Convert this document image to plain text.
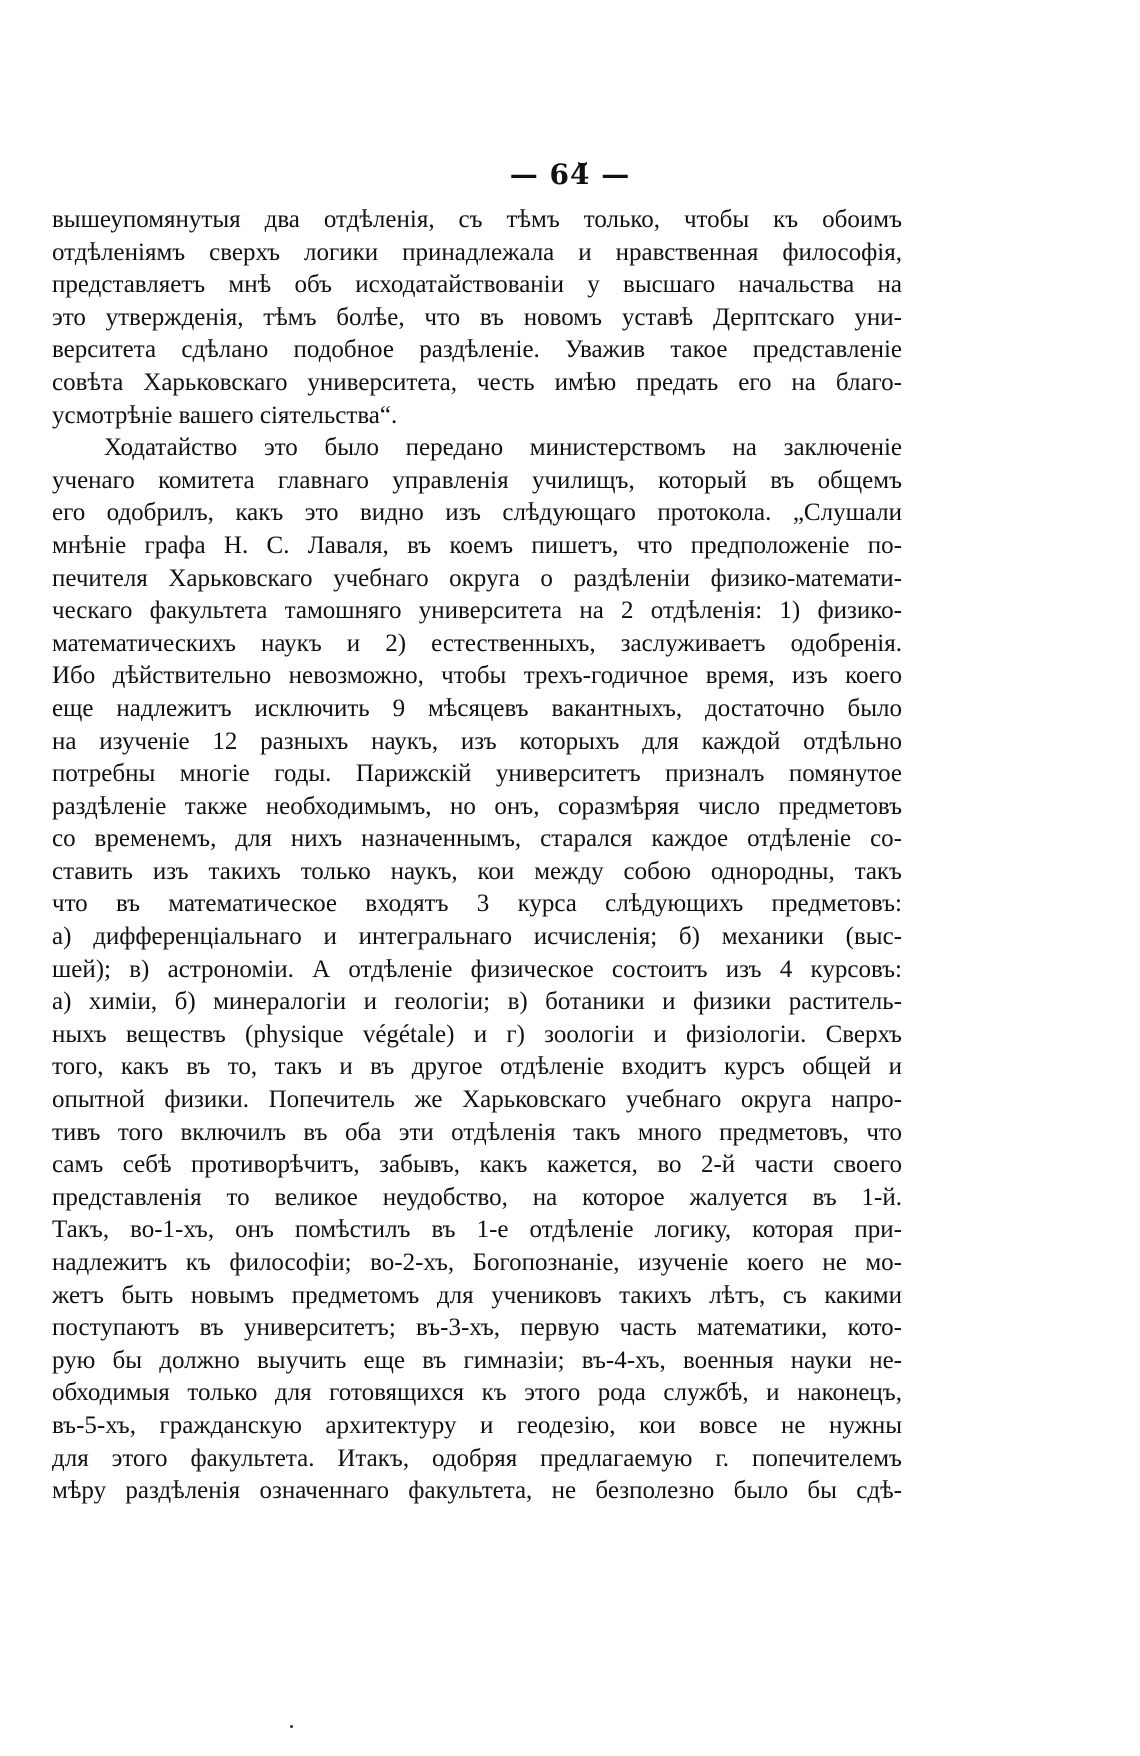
— 64̆ —
вышеупомянутыя два отдѣленія, съ тѣмъ только, чтобы къ обоимъ
отдѣленіямъ сверхъ логики принадлежала и нравственная философія,
представляетъ мнѣ объ исходатайствованіи у высшаго начальства на
это утвержденія, тѣмъ болѣе, что въ новомъ уставѣ Дерптскаго уни-
верситета сдѣлано подобное раздѣленіе. Уважив такое представленіе
совѣта Харьковскаго университета, честь имѣю предать его на благо-
усмотрѣніе вашего сіятельства“.
Ходатайство это было передано министерствомъ на заключеніе
ученаго комитета главнаго управленія училищъ, который въ общемъ
его одобрилъ, какъ это видно изъ слѣдующаго протокола. „Слушали
мнѣніе графа Н. С. Лаваля, въ коемъ пишетъ, что предположеніе по-
печителя Харьковскаго учебнаго округа о раздѣленіи физико-математи-
ческаго факультета тамошняго университета на 2 отдѣленія: 1) физико-
математическихъ наукъ и 2) естественныхъ, заслуживаетъ одобренія.
Ибо дѣйствительно невозможно, чтобы трехъ-годичное время, изъ коего
еще надлежитъ исключить 9 мѣсяцевъ вакантныхъ, достаточно было
на изученіе 12 разныхъ наукъ, изъ которыхъ для каждой отдѣльно
потребны многіе годы. Парижскій университетъ призналъ помянутое
раздѣленіе также необходимымъ, но онъ, соразмѣряя число предметовъ
со временемъ, для нихъ назначеннымъ, старался каждое отдѣленіе со-
ставить изъ такихъ только наукъ, кои между собою однородны, такъ
что въ математическое входятъ 3 курса слѣдующихъ предметовъ:
а) дифференціальнаго и интегральнаго исчисленія; б) механики (выс-
шей); в) астрономіи. А отдѣленіе физическое состоитъ изъ 4 курсовъ:
а) химіи, б) минералогіи и геологіи; в) ботаники и физики раститель-
ныхъ веществъ (physique végétale) и г) зоологіи и физіологіи. Сверхъ
того, какъ въ то, такъ и въ другое отдѣленіе входитъ курсъ общей и
опытной физики. Попечитель же Харьковскаго учебнаго округа напро-
тивъ того включилъ въ оба эти отдѣленія такъ много предметовъ, что
самъ себѣ противорѣчитъ, забывъ, какъ кажется, во 2-й части своего
представленія то великое неудобство, на которое жалуется въ 1-й.
Такъ, во-1-хъ, онъ помѣстилъ въ 1-е отдѣленіе логику, которая при-
надлежитъ къ философіи; во-2-хъ, Богопознаніе, изученіе коего не мо-
жетъ быть новымъ предметомъ для учениковъ такихъ лѣтъ, съ какими
поступаютъ въ университетъ; въ-3-хъ, первую часть математики, кото-
рую бы должно выучить еще въ гимназіи; въ-4-хъ, военныя науки не-
обходимыя только для готовящихся къ этого рода службѣ, и наконецъ,
въ-5-хъ, гражданскую архитектуру и геодезію, кои вовсе не нужны
для этого факультета. Итакъ, одобряя предлагаемую г. попечителемъ
мѣру раздѣленія означеннаго факультета, не безполезно было бы сдѣ-
